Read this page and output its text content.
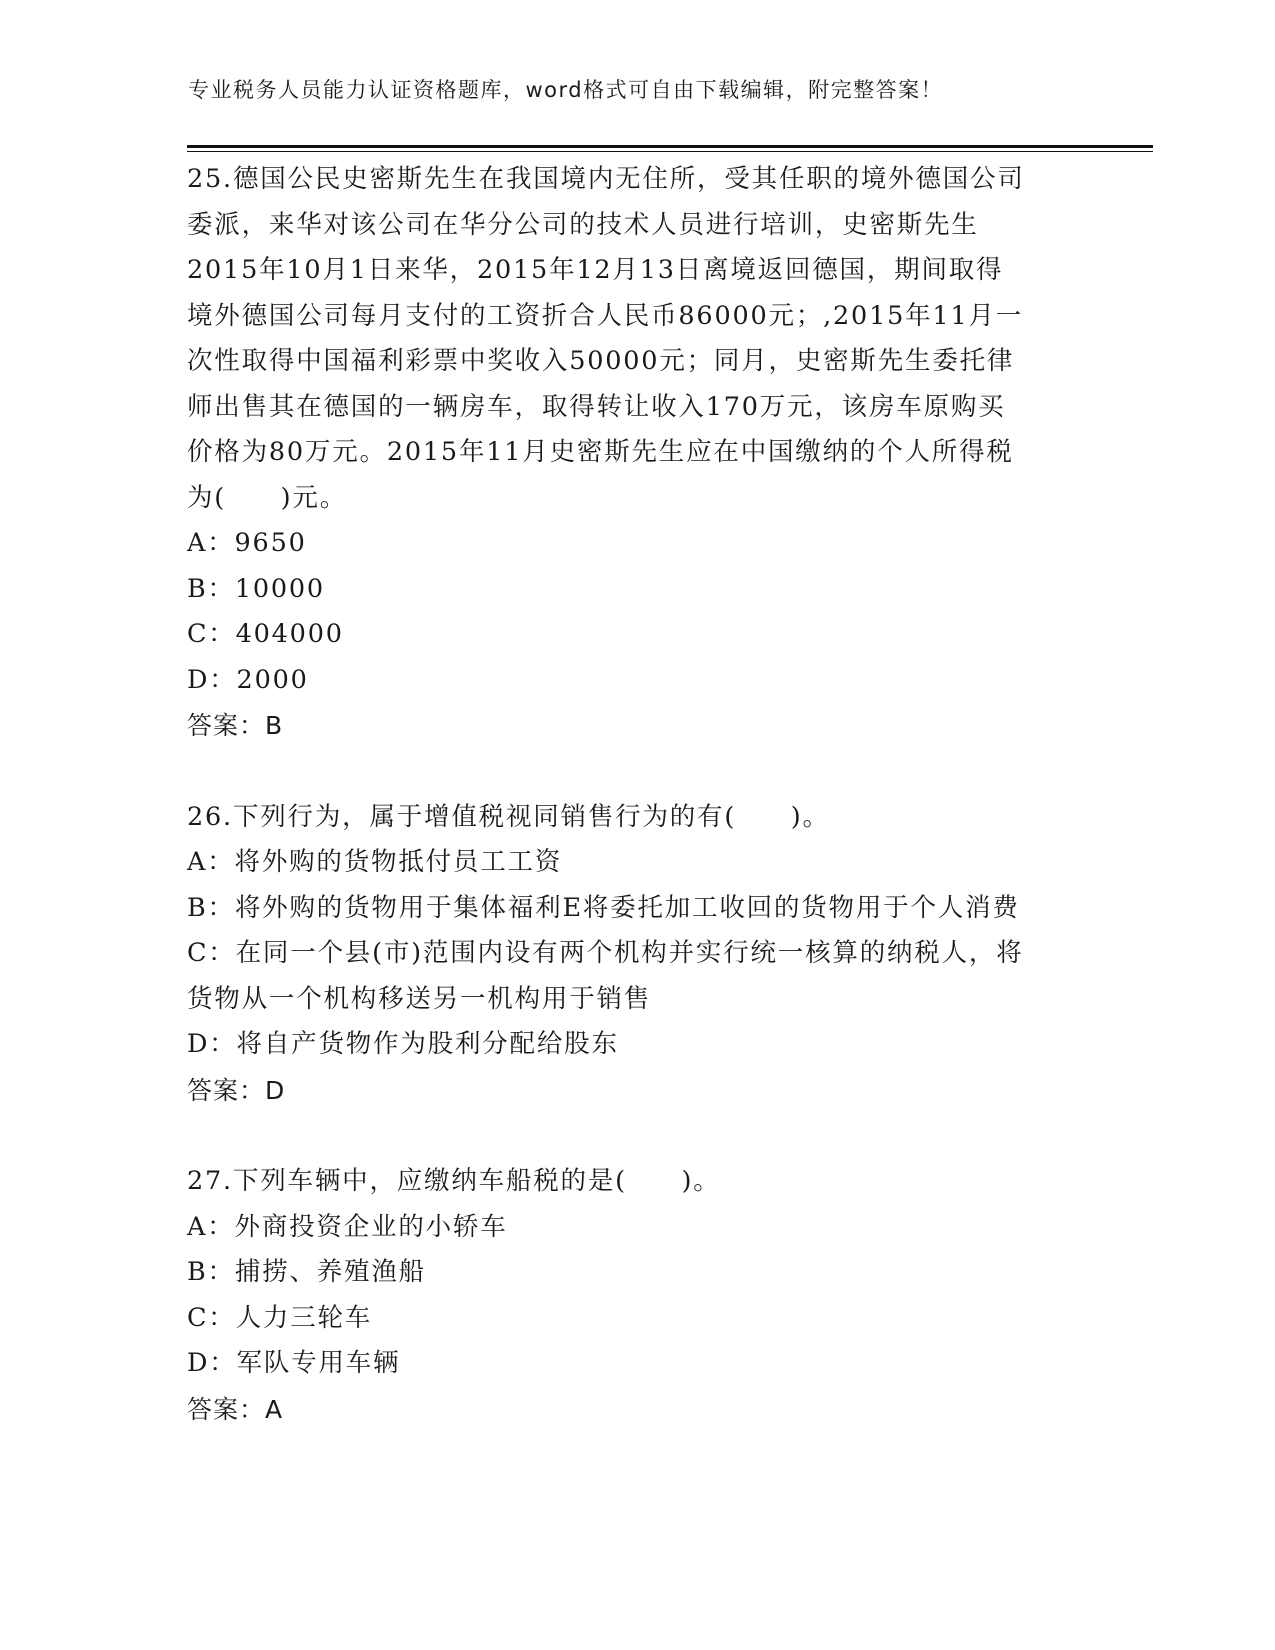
专业税务人员能力认证资格题库，word格式可自由下载编辑，附完整答案！
25.德国公民史密斯先生在我国境内无住所，受其任职的境外德国公司
委派，来华对该公司在华分公司的技术人员进行培训，史密斯先生
2015年10月1日来华，2015年12月13日离境返回德国，期间取得
境外德国公司每月支付的工资折合人民币86000元；,2015年11月一
次性取得中国福利彩票中奖收入50000元；同月，史密斯先生委托律
师出售其在德国的一辆房车，取得转让收入170万元，该房车原购买
价格为80万元。2015年11月史密斯先生应在中国缴纳的个人所得税
为(　　)元。
A：9650
B：10000
C：404000
D：2000
答案：B
26.下列行为，属于增值税视同销售行为的有(　　)。
A：将外购的货物抵付员工工资
B：将外购的货物用于集体福利E将委托加工收回的货物用于个人消费
C：在同一个县(市)范围内设有两个机构并实行统一核算的纳税人，将
货物从一个机构移送另一机构用于销售
D：将自产货物作为股利分配给股东
答案：D
27.下列车辆中，应缴纳车船税的是(　　)。
A：外商投资企业的小轿车
B：捕捞、养殖渔船
C：人力三轮车
D：军队专用车辆
答案：A
